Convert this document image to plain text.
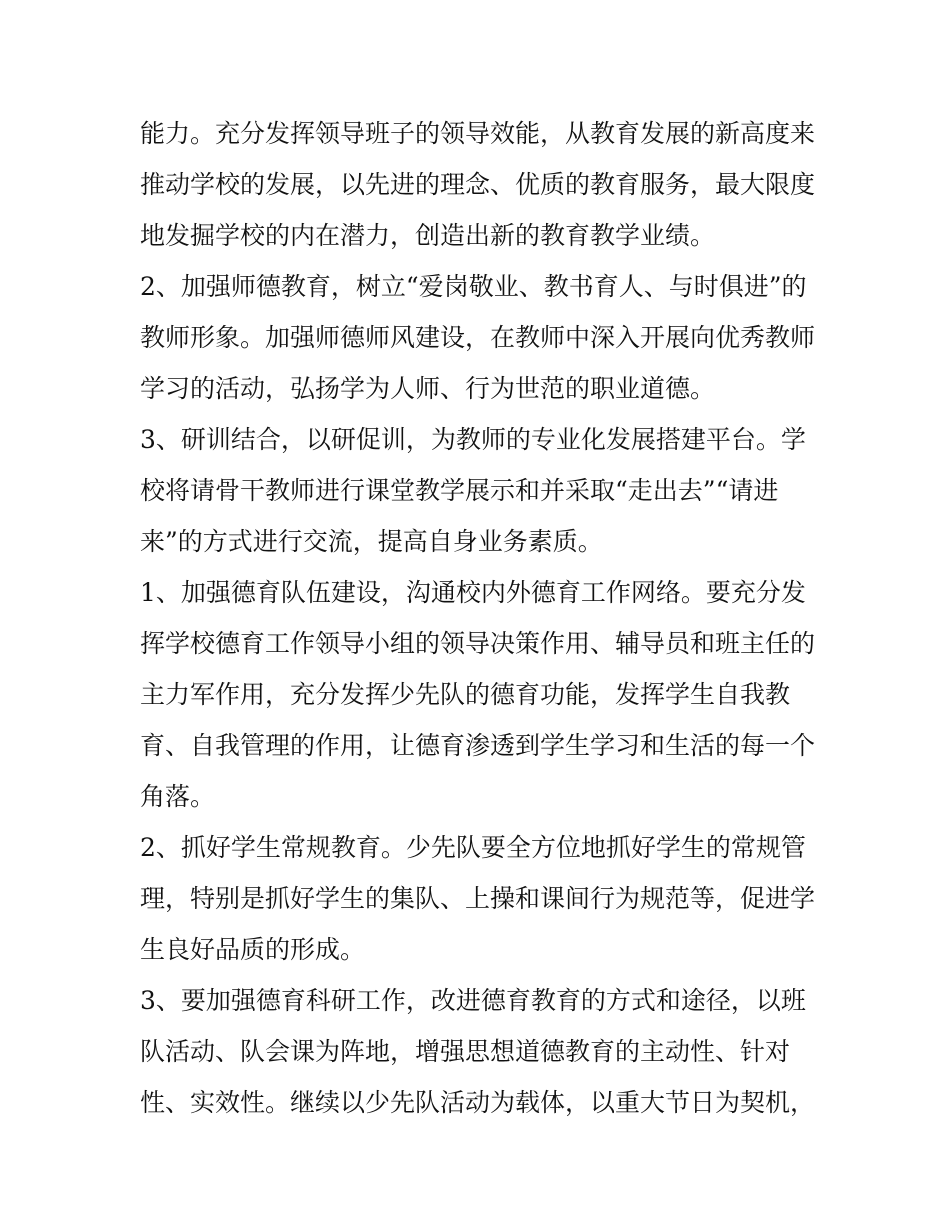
能力。充分发挥领导班子的领导效能，从教育发展的新高度来
推动学校的发展，以先进的理念、优质的教育服务，最大限度
地发掘学校的内在潜力，创造出新的教育教学业绩。
2、加强师德教育，树立“爱岗敬业、教书育人、与时俱进”的
教师形象。加强师德师风建设，在教师中深入开展向优秀教师
学习的活动，弘扬学为人师、行为世范的职业道德。
3、研训结合，以研促训，为教师的专业化发展搭建平台。学
校将请骨干教师进行课堂教学展示和并采取“走出去”“请进
来”的方式进行交流，提高自身业务素质。
1、加强德育队伍建设，沟通校内外德育工作网络。要充分发
挥学校德育工作领导小组的领导决策作用、辅导员和班主任的
主力军作用，充分发挥少先队的德育功能，发挥学生自我教
育、自我管理的作用，让德育渗透到学生学习和生活的每一个
角落。
2、抓好学生常规教育。少先队要全方位地抓好学生的常规管
理，特别是抓好学生的集队、上操和课间行为规范等，促进学
生良好品质的形成。
3、要加强德育科研工作，改进德育教育的方式和途径，以班
队活动、队会课为阵地，增强思想道德教育的主动性、针对
性、实效性。继续以少先队活动为载体，以重大节日为契机，
